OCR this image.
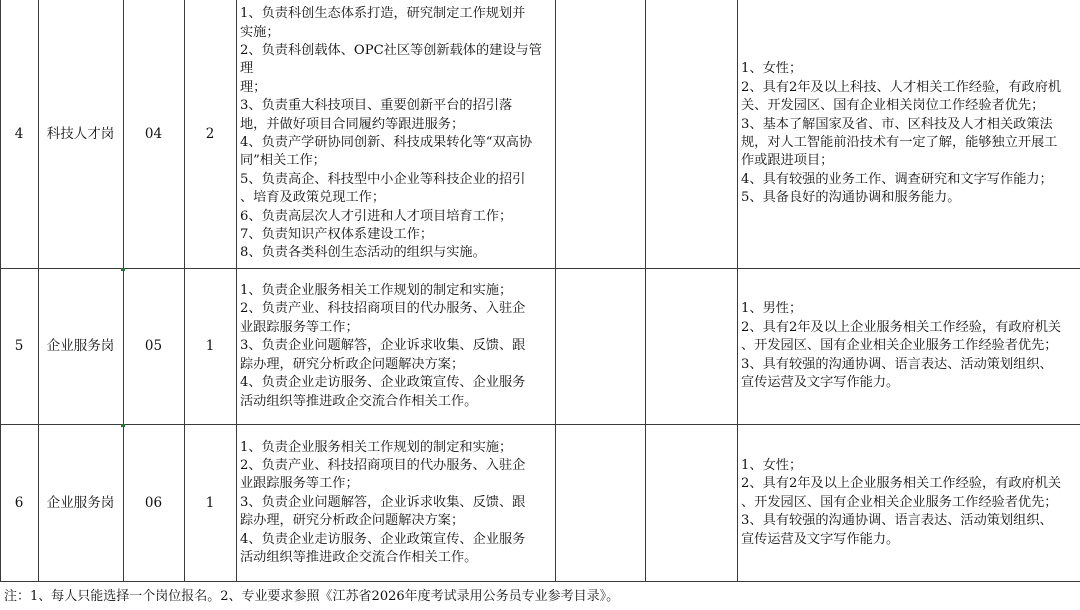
4 科技人才岗 04	2
1、负责科创生态体系打造，研究制定工作规划并
实施；
2、负责科创载体、OPC社区等创新载体的建设与管理
理；
3、负责重大科技项目、重要创新平台的招引落
地，并做好项目合同履约等跟进服务；
4、负责产学研协同创新、科技成果转化等“双高协
同”相关工作；
5、负责高企、科技型中小企业等科技企业的招引
、培育及政策兑现工作；
6、负责高层次人才引进和人才项目培育工作；
7、负责知识产权体系建设工作；
8、负责各类科创生态活动的组织与实施。
1、女性；
2、具有2年及以上科技、人才相关工作经验，有政府机
关、开发园区、国有企业相关岗位工作经验者优先；
3、基本了解国家及省、市、区科技及人才相关政策法
规，对人工智能前沿技术有一定了解，能够独立开展工
作或跟进项目；
4、具有较强的业务工作、调查研究和文字写作能力；
5、具备良好的沟通协调和服务能力。
5 企业服务岗 05	1
1、负责企业服务相关工作规划的制定和实施；
2、负责产业、科技招商项目的代办服务、入驻企
业跟踪服务等工作；
3、负责企业问题解答，企业诉求收集、反馈、跟
踪办理，研究分析政企问题解决方案；
4、负责企业走访服务、企业政策宣传、企业服务
活动组织等推进政企交流合作相关工作。
1、男性；
2、具有2年及以上企业服务相关工作经验，有政府机关
、开发园区、国有企业相关企业服务工作经验者优先；
3、具有较强的沟通协调、语言表达、活动策划组织、
宣传运营及文字写作能力。
6 企业服务岗 06	1
1、负责企业服务相关工作规划的制定和实施；
2、负责产业、科技招商项目的代办服务、入驻企
业跟踪服务等工作；
3、负责企业问题解答，企业诉求收集、反馈、跟
踪办理，研究分析政企问题解决方案；
4、负责企业走访服务、企业政策宣传、企业服务
活动组织等推进政企交流合作相关工作。
1、女性；
2、具有2年及以上企业服务相关工作经验，有政府机关
、开发园区、国有企业相关企业服务工作经验者优先；
3、具有较强的沟通协调、语言表达、活动策划组织、
宣传运营及文字写作能力。
注：1、每人只能选择一个岗位报名。2、专业要求参照《江苏省2026年度考试录用公务员专业参考目录》。
